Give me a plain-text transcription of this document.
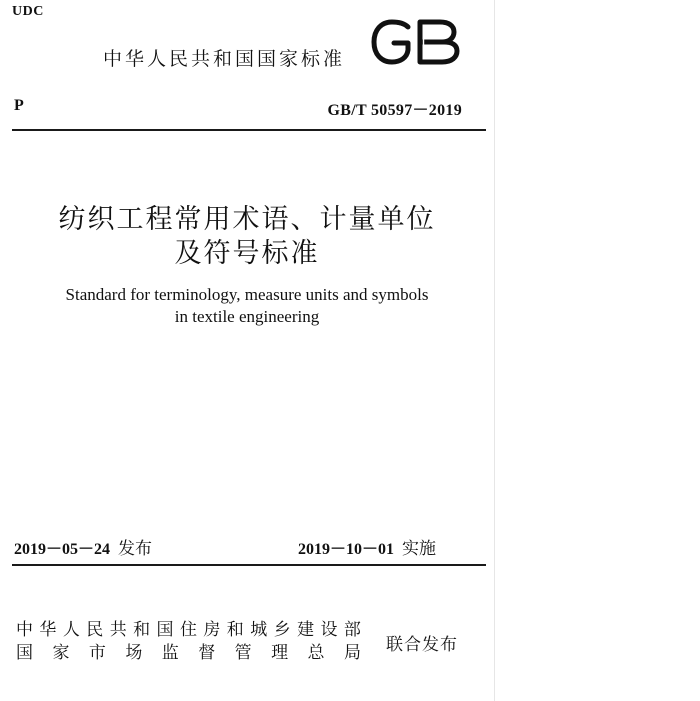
UDC
中华人民共和国国家标准
P	GB/T 50597－2019
纺织工程常用术语、计量单位
及符号标准
Standard for terminology, measure units and symbols
in textile engineering
2019－05－24 发布	2019－10－01 实施
中 华 人 民 共 和 国 住 房 和 城 乡 建 设 部
国 家 市 场 监 督 管 理 总 局 联合发布
